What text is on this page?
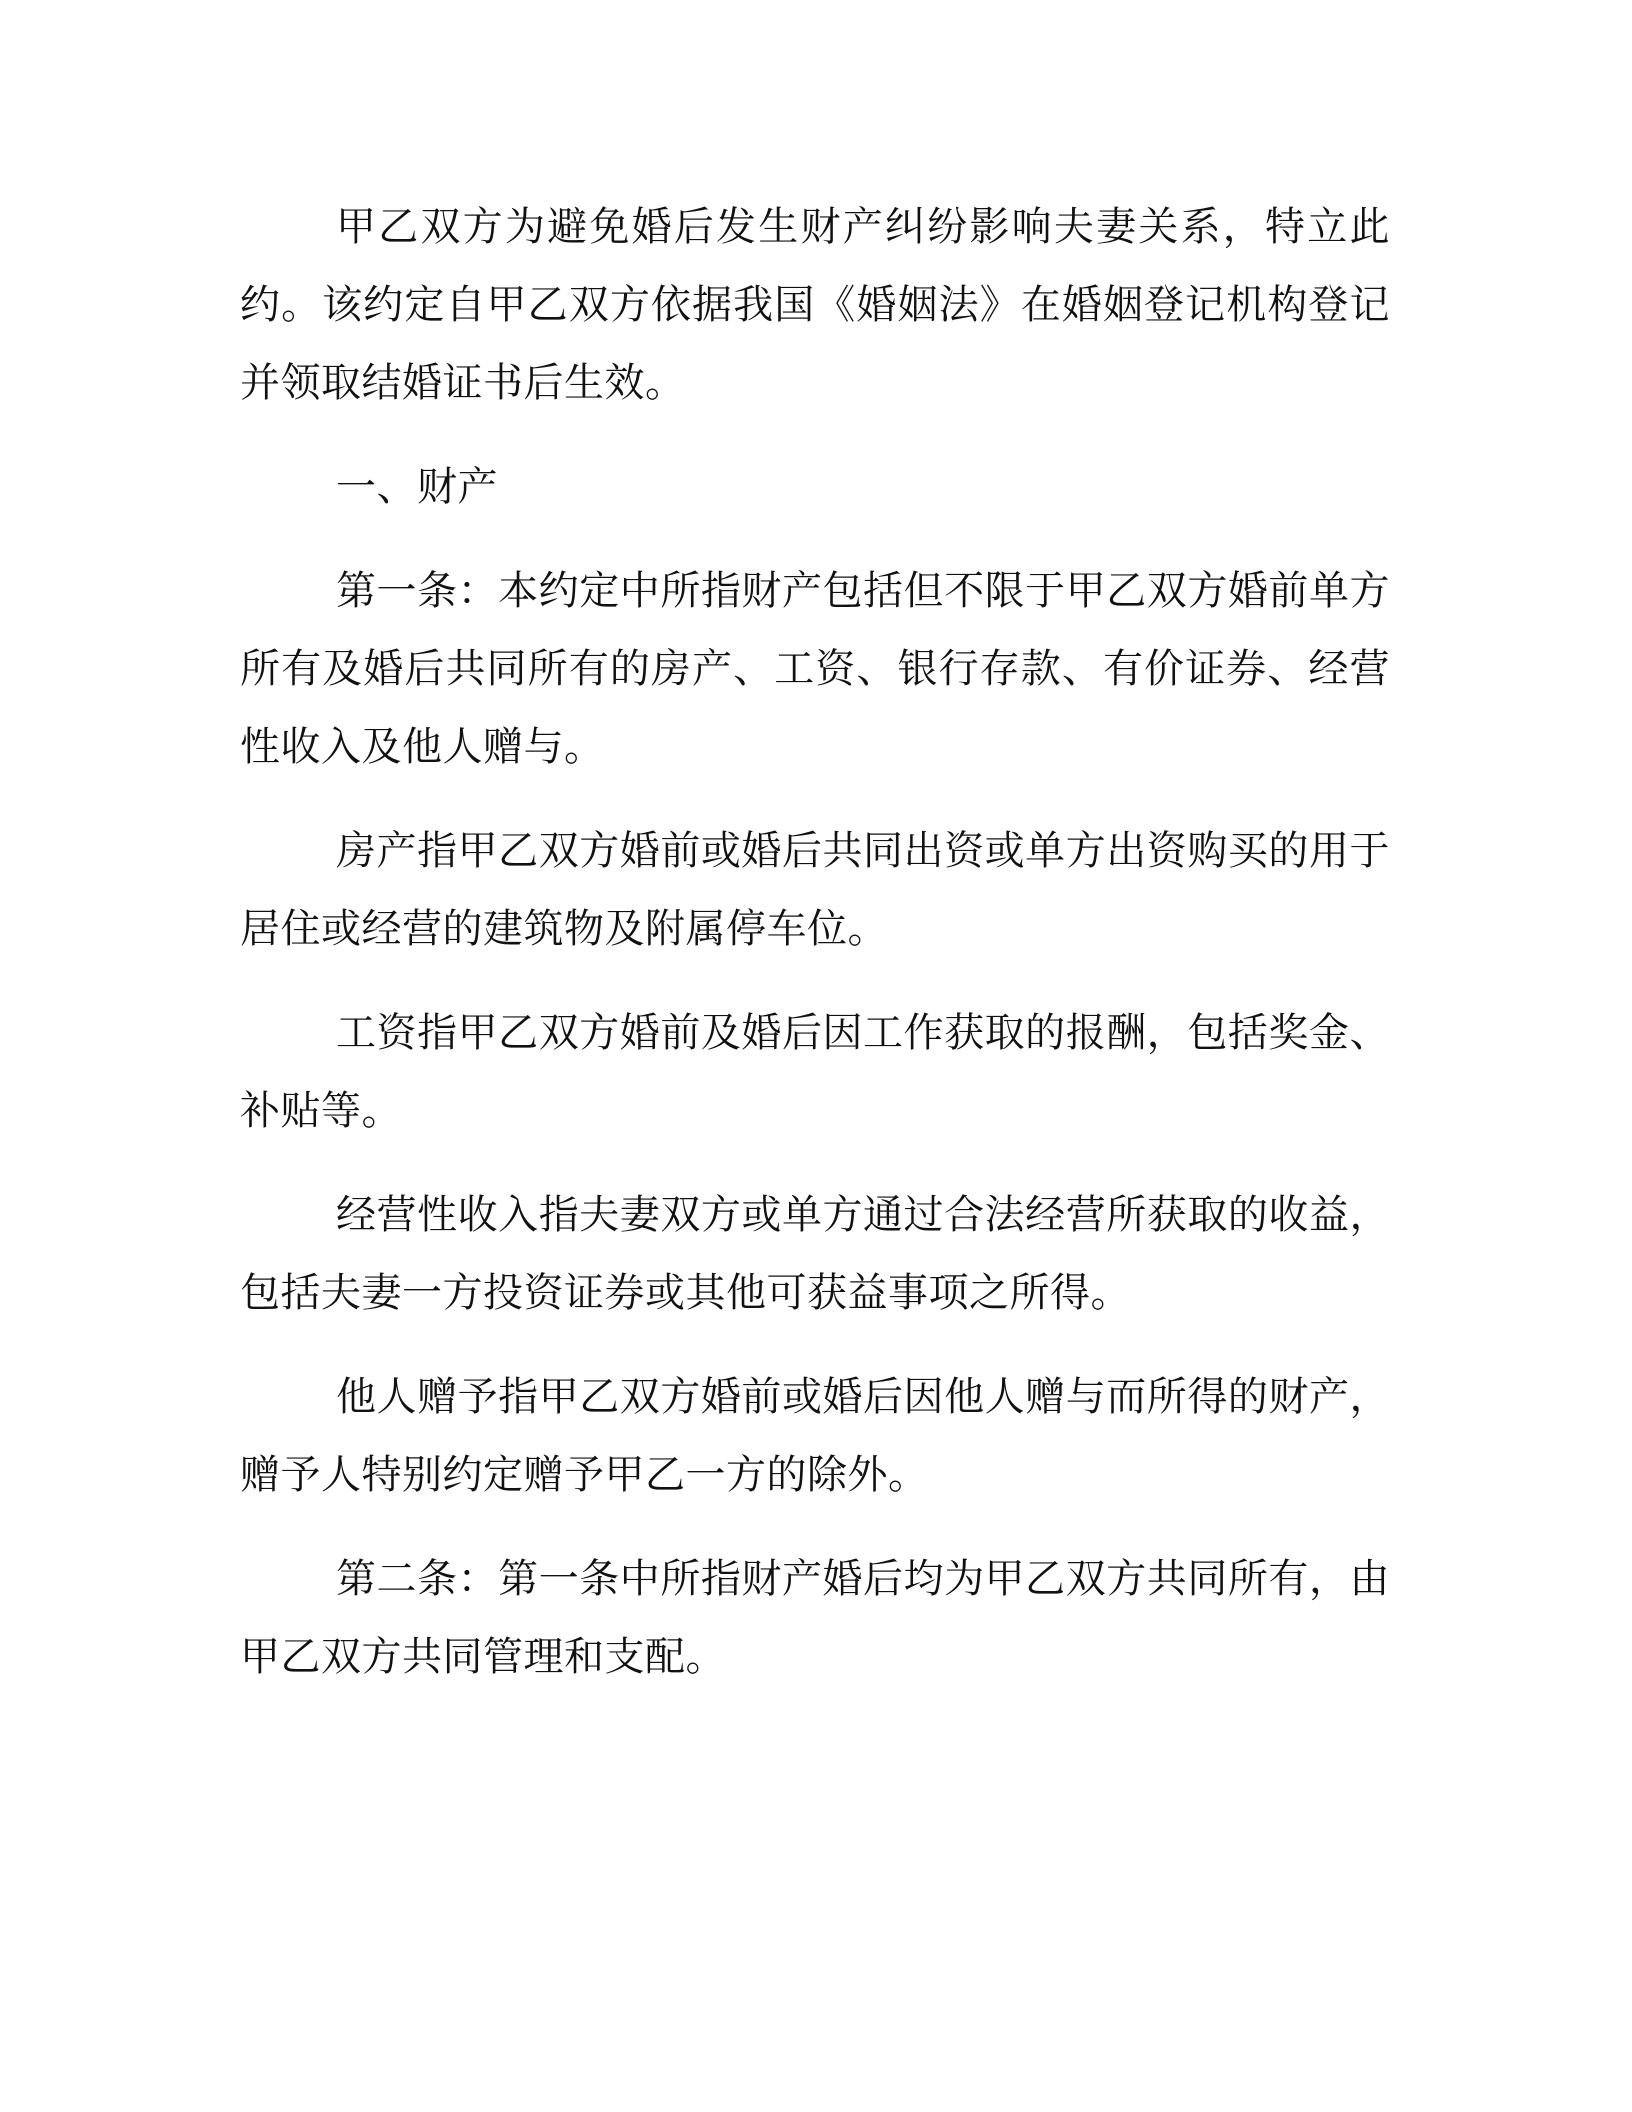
甲乙双方为避免婚后发生财产纠纷影响夫妻关系，特立此约。该约定自甲乙双方依据我国《婚姻法》在婚姻登记机构登记并领取结婚证书后生效。

一、财产

第一条：本约定中所指财产包括但不限于甲乙双方婚前单方所有及婚后共同所有的房产、工资、银行存款、有价证券、经营性收入及他人赠与。

房产指甲乙双方婚前或婚后共同出资或单方出资购买的用于居住或经营的建筑物及附属停车位。

工资指甲乙双方婚前及婚后因工作获取的报酬，包括奖金、补贴等。

经营性收入指夫妻双方或单方通过合法经营所获取的收益，包括夫妻一方投资证券或其他可获益事项之所得。

他人赠予指甲乙双方婚前或婚后因他人赠与而所得的财产，赠予人特别约定赠予甲乙一方的除外。

第二条：第一条中所指财产婚后均为甲乙双方共同所有，由甲乙双方共同管理和支配。
